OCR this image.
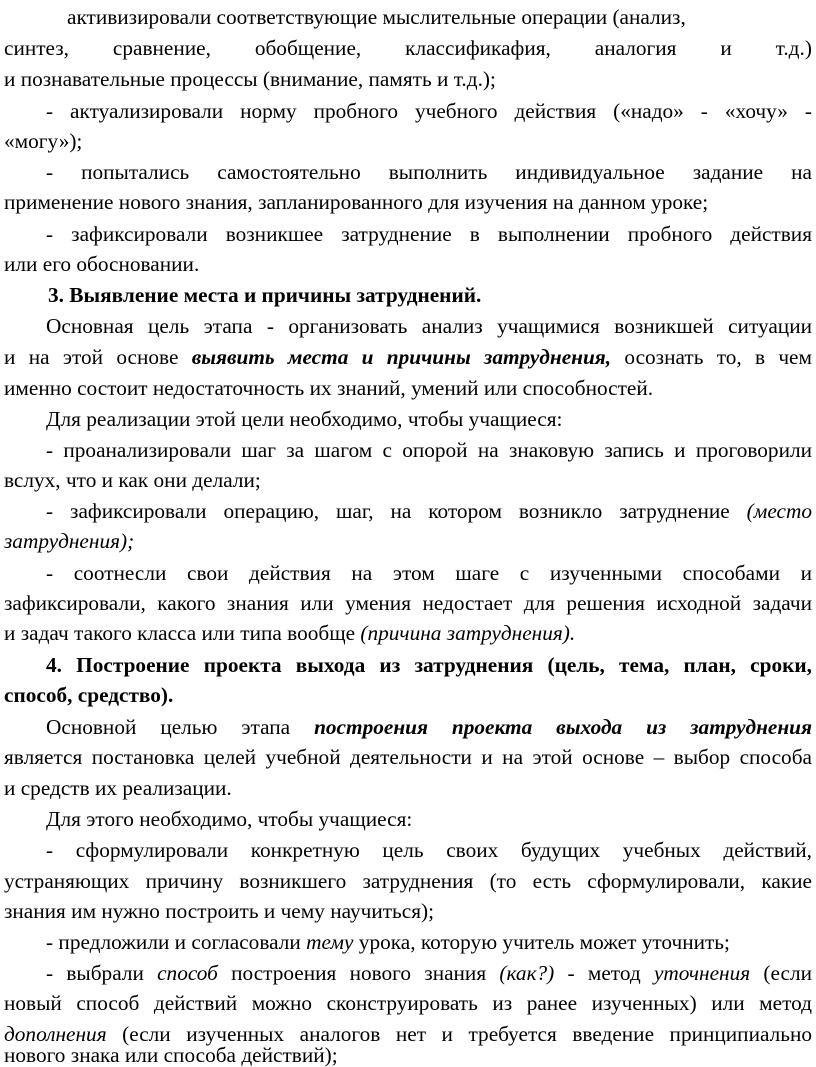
активизировали соответствующие мыслительные операции (анализ,
синтез, сравнение, обобщение, классификафия, аналогия и т.д.)
и познавательные процессы (внимание, память и т.д.);
- актуализировали норму пробного учебного действия («надо» - «хочу» -
«могу»);
- попытались самостоятельно выполнить индивидуальное задание на
применение нового знания, запланированного для изучения на данном уроке;
- зафиксировали возникшее затруднение в выполнении пробного действия
или его обосновании.
3. Выявление места и причины затруднений.
Основная цель этапа - организовать анализ учащимися возникшей ситуации
и на этой основе выявить места и причины затруднения, осознать то, в чем
именно состоит недостаточность их знаний, умений или способностей.
Для реализации этой цели необходимо, чтобы учащиеся:
- проанализировали шаг за шагом с опорой на знаковую запись и проговорили
вслух, что и как они делали;
- зафиксировали операцию, шаг, на котором возникло затруднение (место
затруднения);
- соотнесли свои действия на этом шаге с изученными способами и
зафиксировали, какого знания или умения недостает для решения исходной задачи
и задач такого класса или типа вообще (причина затруднения).
4. Построение проекта выхода из затруднения (цель, тема, план, сроки,
способ, средство).
Основной целью этапа построения проекта выхода из затруднения
является постановка целей учебной деятельности и на этой основе – выбор способа
и средств их реализации.
Для этого необходимо, чтобы учащиеся:
- сформулировали конкретную цель своих будущих учебных действий,
устраняющих причину возникшего затруднения (то есть сформулировали, какие
знания им нужно построить и чему научиться);
- предложили и согласовали тему урока, которую учитель может уточнить;
- выбрали способ построения нового знания (как?) - метод уточнения (если
новый способ действий можно сконструировать из ранее изученных) или метод
дополнения (если изученных аналогов нет и требуется введение принципиально
нового знака или способа действий);
